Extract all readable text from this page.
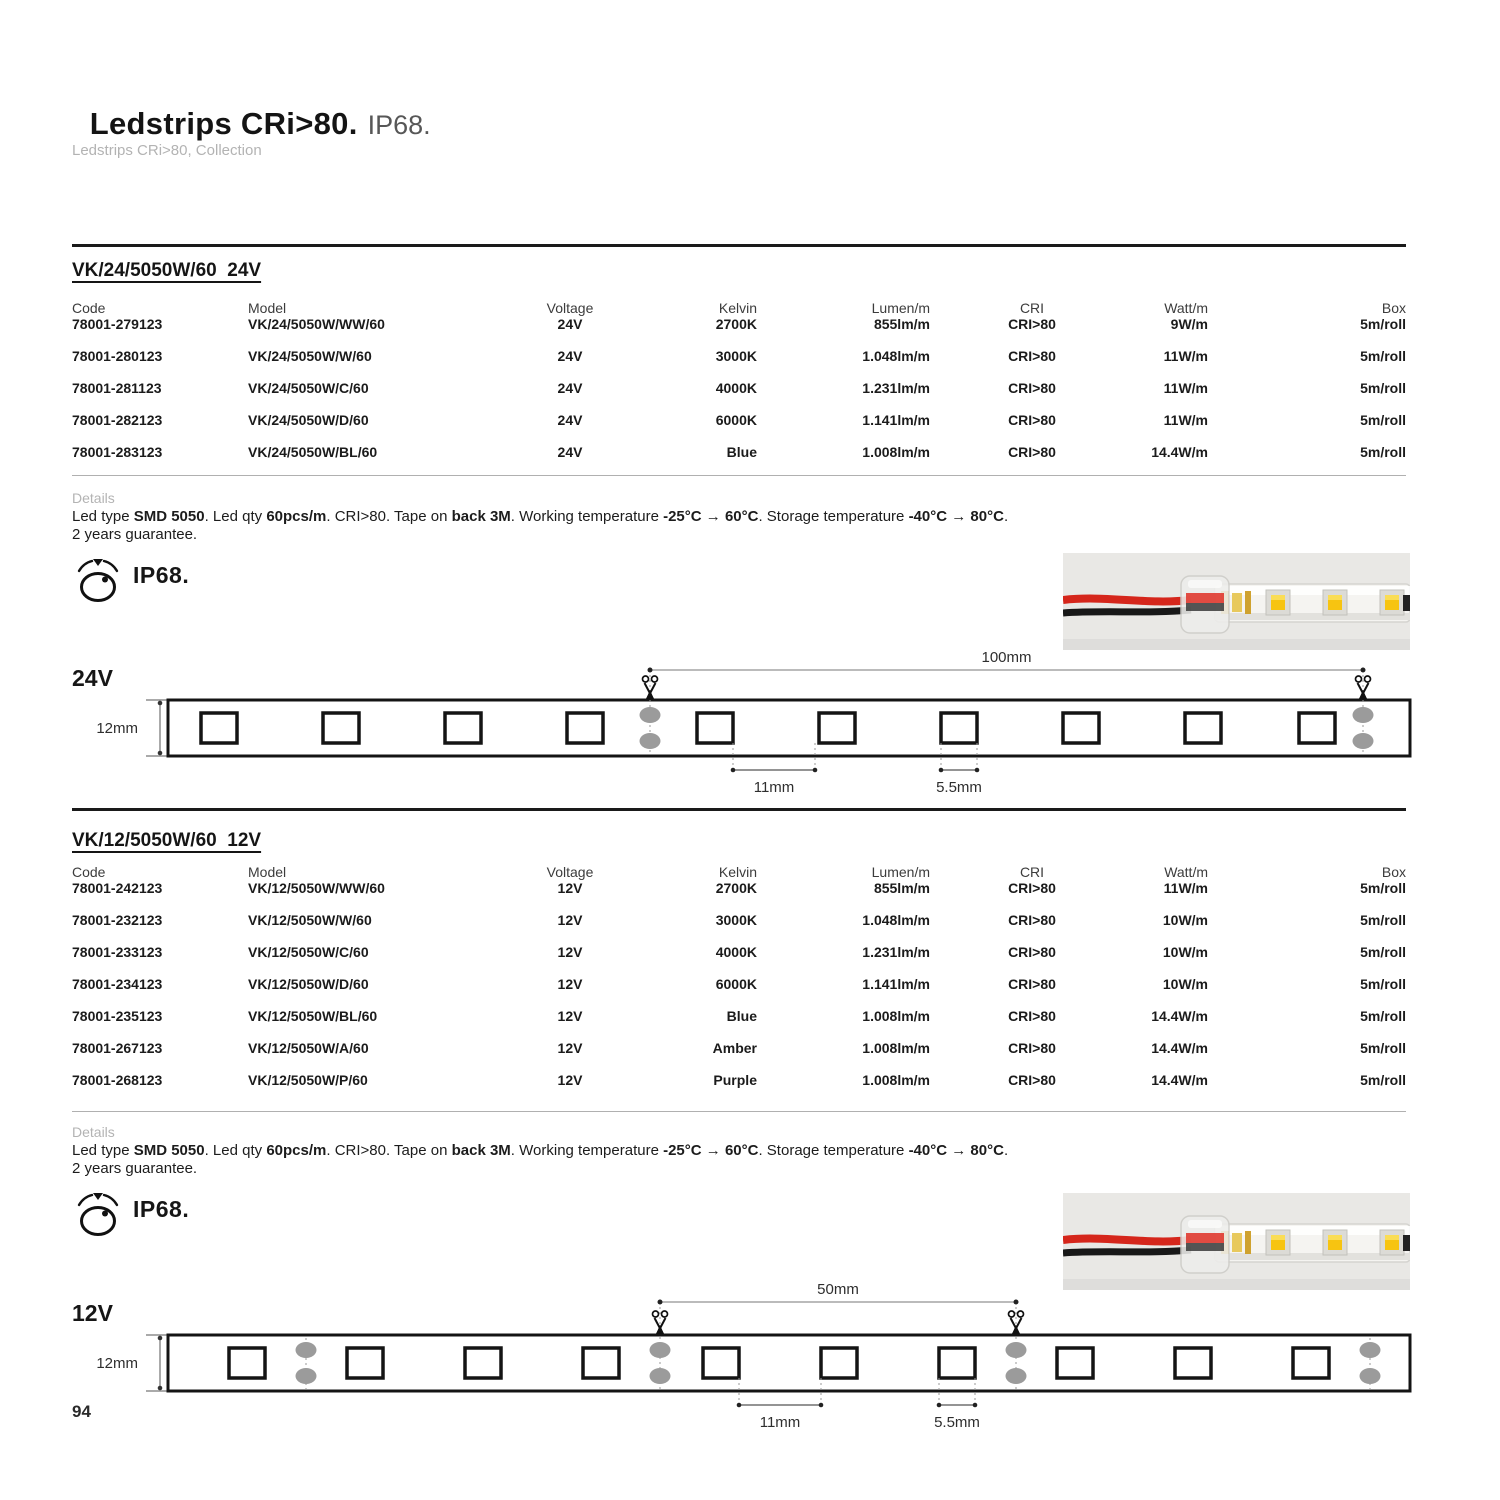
Ledstrips CRi>80. IP68.

Ledstrips CRi>80, Collection
VK/24/5050W/60  24V
Code	Model	Voltage	Kelvin	Lumen/m	CRI	Watt/m	Box
78001-279123	VK/24/5050W/WW/60	24V	2700K	855lm/m	CRI>80	9W/m	5m/roll
78001-280123	VK/24/5050W/W/60	24V	3000K	1.048lm/m	CRI>80	11W/m	5m/roll
78001-281123	VK/24/5050W/C/60	24V	4000K	1.231lm/m	CRI>80	11W/m	5m/roll
78001-282123	VK/24/5050W/D/60	24V	6000K	1.141lm/m	CRI>80	11W/m	5m/roll
78001-283123	VK/24/5050W/BL/60	24V	Blue	1.008lm/m	CRI>80	14.4W/m	5m/roll
Details
Led type SMD 5050. Led qty 60pcs/m. CRI>80. Tape on back 3M. Working temperature -25°C → 60°C. Storage temperature -40°C → 80°C.
2 years guarantee.
IP68.
24V
12mm
100mm
11mm	5.5mm
VK/12/5050W/60  12V
Code	Model	Voltage	Kelvin	Lumen/m	CRI	Watt/m	Box
78001-242123	VK/12/5050W/WW/60	12V	2700K	855lm/m	CRI>80	11W/m	5m/roll
78001-232123	VK/12/5050W/W/60	12V	3000K	1.048lm/m	CRI>80	10W/m	5m/roll
78001-233123	VK/12/5050W/C/60	12V	4000K	1.231lm/m	CRI>80	10W/m	5m/roll
78001-234123	VK/12/5050W/D/60	12V	6000K	1.141lm/m	CRI>80	10W/m	5m/roll
78001-235123	VK/12/5050W/BL/60	12V	Blue	1.008lm/m	CRI>80	14.4W/m	5m/roll
78001-267123	VK/12/5050W/A/60	12V	Amber	1.008lm/m	CRI>80	14.4W/m	5m/roll
78001-268123	VK/12/5050W/P/60	12V	Purple	1.008lm/m	CRI>80	14.4W/m	5m/roll
Details
Led type SMD 5050. Led qty 60pcs/m. CRI>80. Tape on back 3M. Working temperature -25°C → 60°C. Storage temperature -40°C → 80°C.
2 years guarantee.
IP68.
12V
12mm
50mm
11mm	5.5mm
94
